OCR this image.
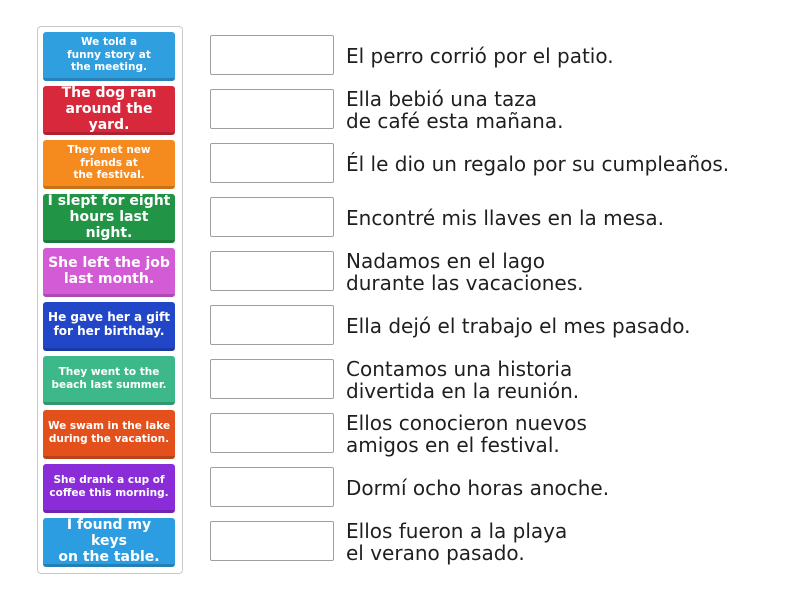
We told a
funny story at
the meeting.
The dog ran
around the yard.
They met new
friends at
the festival.
I slept for eight
hours last night.
She left the job
last month.
He gave her a gift
for her birthday.
They went to the
beach last summer.
We swam in the lake
during the vacation.
She drank a cup of
coffee this morning.
I found my keys
on the table.
El perro corrió por el patio.
Ella bebió una taza
de café esta mañana.
Él le dio un regalo por su cumpleaños.
Encontré mis llaves en la mesa.
Nadamos en el lago
durante las vacaciones.
Ella dejó el trabajo el mes pasado.
Contamos una historia
divertida en la reunión.
Ellos conocieron nuevos
amigos en el festival.
Dormí ocho horas anoche.
Ellos fueron a la playa
el verano pasado.
